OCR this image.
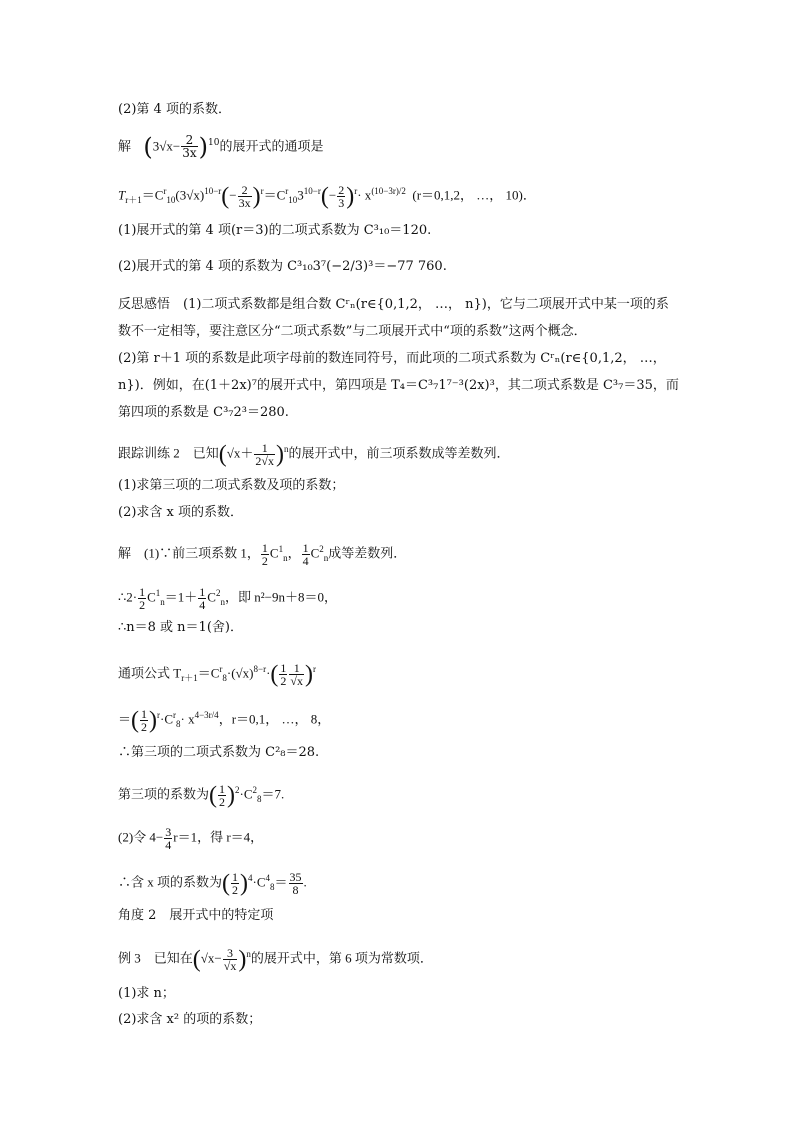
(2)第 4 项的系数．
解 $(3√x- \frac{2}{3x} )^{10}$的展开式的通项是
$T_{r+1}=C^r_{10}(3√x)^{10-r}(- \frac{2}{3x} )^r=C^r_{10}3^{10-r}(- \frac{2}{3} )^r\cdot x^{(10-3r)/2}$ (r＝0,1,2， …， 10)．
(1)展开式的第 4 项(r＝3)的二项式系数为 C³₁₀＝120.
(2)展开式的第 4 项的系数为 C³₁₀3⁷(−2/3)³＝−77 760.
反思感悟　(1)二项式系数都是组合数 Cʳₙ(r∈{0,1,2， …， n})，它与二项展开式中某一项的系
数不一定相等，要注意区分“二项式系数”与二项展开式中“项的系数”这两个概念．
(2)第 r＋1 项的系数是此项字母前的数连同符号，而此项的二项式系数为 Cʳₙ(r∈{0,1,2， …，
n})．例如，在(1＋2x)⁷的展开式中，第四项是 T₄＝C³₇1⁷⁻³(2x)³，其二项式系数是 C³₇＝35，而
第四项的系数是 C³₇2³＝280.
跟踪训练 2　已知$(√x+ \frac{1}{2√x} )^n$的展开式中，前三项系数成等差数列．
(1)求第三项的二项式系数及项的系数；
(2)求含 x 项的系数．
解　(1)∵前三项系数 1， $\frac{1}{2} C^1_n$， $\frac{1}{4} C^2_n$成等差数列．
∴2· $\frac{1}{2} C^1_n=1+ \frac{1}{4} C^2_n$，即 n²−9n＋8＝0，
∴n＝8 或 n＝1(舍)．
通项公式 $T_{r+1}=C^r_8\cdot(√x)^{8-r}\cdot( \frac{1}{2} \frac{1}{√x} )^r$
＝( $\frac{1}{2} )^r\cdot C^r_8\cdot x^{4-3r/4}$，r＝0,1， …， 8，
∴第三项的二项式系数为 C²₈＝28.
第三项的系数为( $\frac{1}{2} )^2\cdot C^2_8=7$.
(2)令 $4- \frac{3}{4} r=1$，得 r＝4，
∴含 x 项的系数为( $\frac{1}{2} )^4\cdot C^4_8= \frac{35}{8}$ .
角度 2　展开式中的特定项
例 3　已知在$(√x- \frac{3}{√x} )^n$的展开式中，第 6 项为常数项．
(1)求 n；
(2)求含 x² 的项的系数；
